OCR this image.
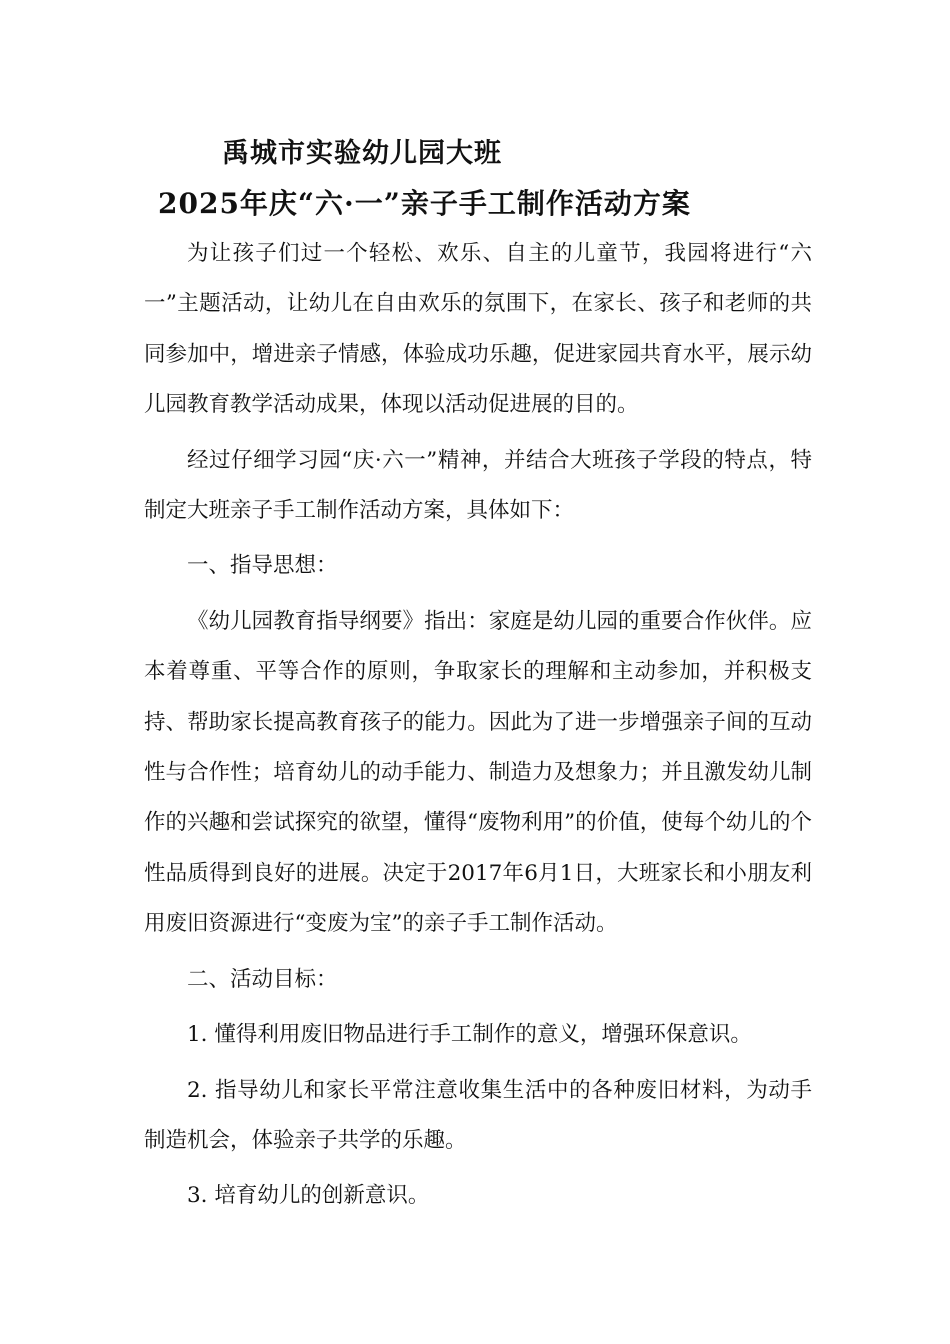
禹城市实验幼儿园大班
2025年庆“六·一”亲子手工制作活动方案

为让孩子们过一个轻松、欢乐、自主的儿童节，我园将进行“六一”主题活动，让幼儿在自由欢乐的氛围下，在家长、孩子和老师的共同参加中，增进亲子情感，体验成功乐趣，促进家园共育水平，展示幼儿园教育教学活动成果，体现以活动促进展的目的。

经过仔细学习园“庆·六一”精神，并结合大班孩子学段的特点，特制定大班亲子手工制作活动方案，具体如下：

一、指导思想：

《幼儿园教育指导纲要》指出：家庭是幼儿园的重要合作伙伴。应本着尊重、平等合作的原则，争取家长的理解和主动参加，并积极支持、帮助家长提高教育孩子的能力。因此为了进一步增强亲子间的互动性与合作性；培育幼儿的动手能力、制造力及想象力；并且激发幼儿制作的兴趣和尝试探究的欲望，懂得“废物利用”的价值，使每个幼儿的个性品质得到良好的进展。决定于2017年6月1日，大班家长和小朋友利用废旧资源进行“变废为宝”的亲子手工制作活动。

二、活动目标：

1. 懂得利用废旧物品进行手工制作的意义，增强环保意识。

2. 指导幼儿和家长平常注意收集生活中的各种废旧材料，为动手制造机会，体验亲子共学的乐趣。

3. 培育幼儿的创新意识。
